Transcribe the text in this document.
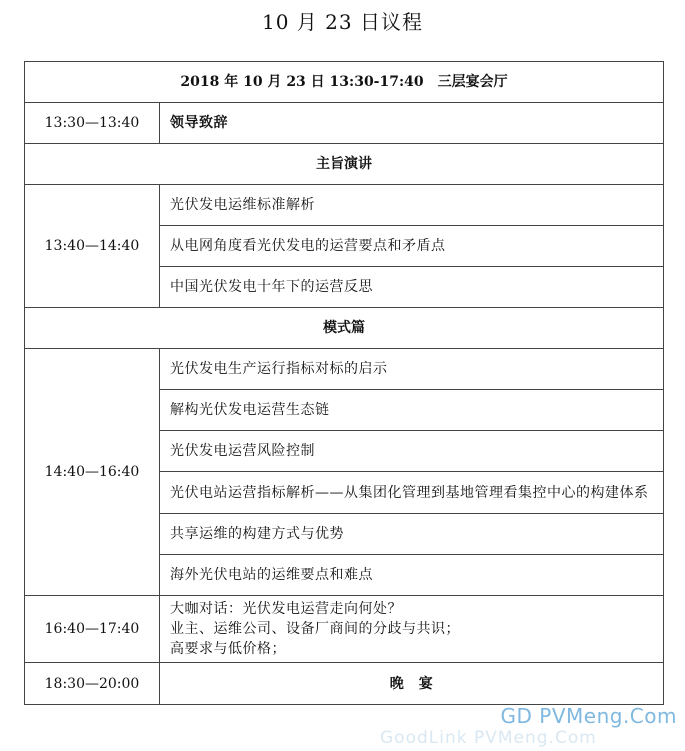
10 月 23 日议程
2018 年 10 月 23 日 13:30-17:40　三层宴会厅	
13:30—13:40	领导致辞
主旨演讲	
13:40—14:40	光伏发电运维标准解析
	从电网角度看光伏发电的运营要点和矛盾点
	中国光伏发电十年下的运营反思
模式篇	
14:40—16:40	光伏发电生产运行指标对标的启示
	解构光伏发电运营生态链
	光伏发电运营风险控制
	光伏电站运营指标解析——从集团化管理到基地管理看集控中心的构建体系
	共享运维的构建方式与优势
	海外光伏电站的运维要点和难点
16:40—17:40	大咖对话：光伏发电运营走向何处？
业主、运维公司、设备厂商间的分歧与共识；
高要求与低价格；

18:30—20:00	晚　宴
GoodLink PVMeng.Com
GD PVMeng.Com
